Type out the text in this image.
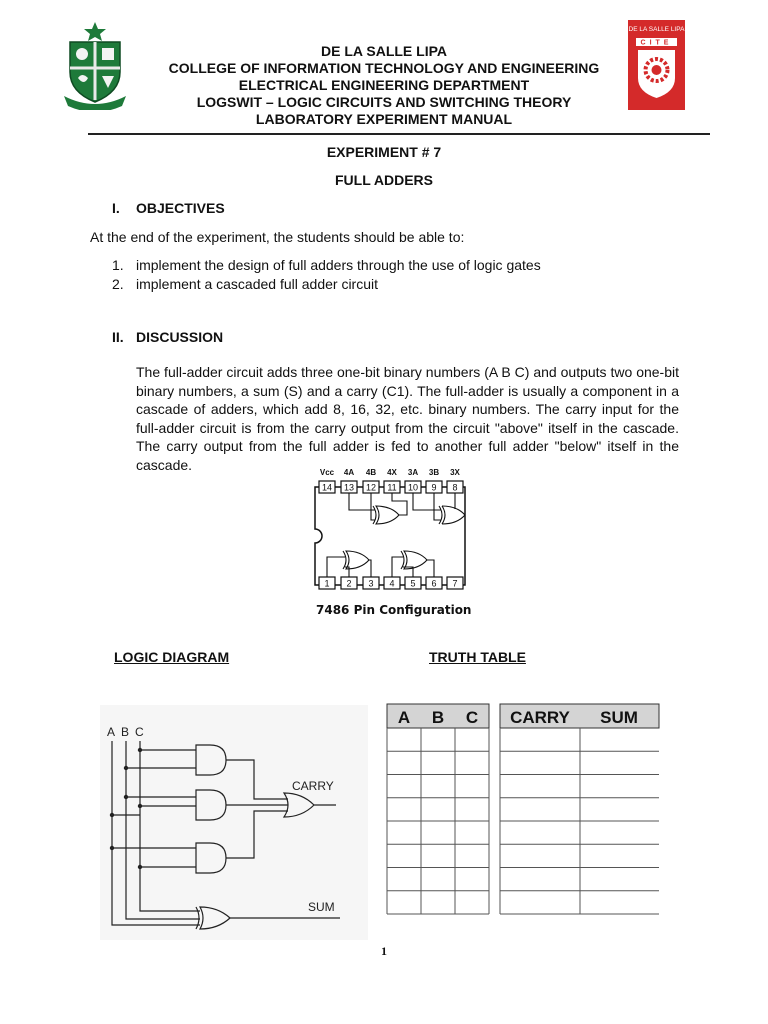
DE LA SALLE LIPA
CITE
DE LA SALLE LIPA
COLLEGE OF INFORMATION TECHNOLOGY AND ENGINEERING
ELECTRICAL ENGINEERING DEPARTMENT
LOGSWIT – LOGIC CIRCUITS AND SWITCHING THEORY
LABORATORY EXPERIMENT MANUAL
EXPERIMENT # 7
FULL ADDERS
I. OBJECTIVES
At the end of the experiment, the students should be able to:
1. implement the design of full adders through the use of logic gates
2. implement a cascaded full adder circuit
II. DISCUSSION
The full-adder circuit adds three one-bit binary numbers (A B C) and outputs two one-bit binary numbers, a sum (S) and a carry (C1). The full-adder is usually a component in a cascade of adders, which add 8, 16, 32, etc. binary numbers. The carry input for the full-adder circuit is from the carry output from the circuit "above" itself in the cascade. The carry output from the full adder is fed to another full adder "below" itself in the cascade.	Vcc 4A 4B 4X 3A 3B 3X
14 13 12 11 10 9 8
1 2 3 4 5 6 7
7486 Pin Configuration
LOGIC DIAGRAM	TRUTH TABLE
A B C
CARRY
SUM
A B C CARRY SUM
1
